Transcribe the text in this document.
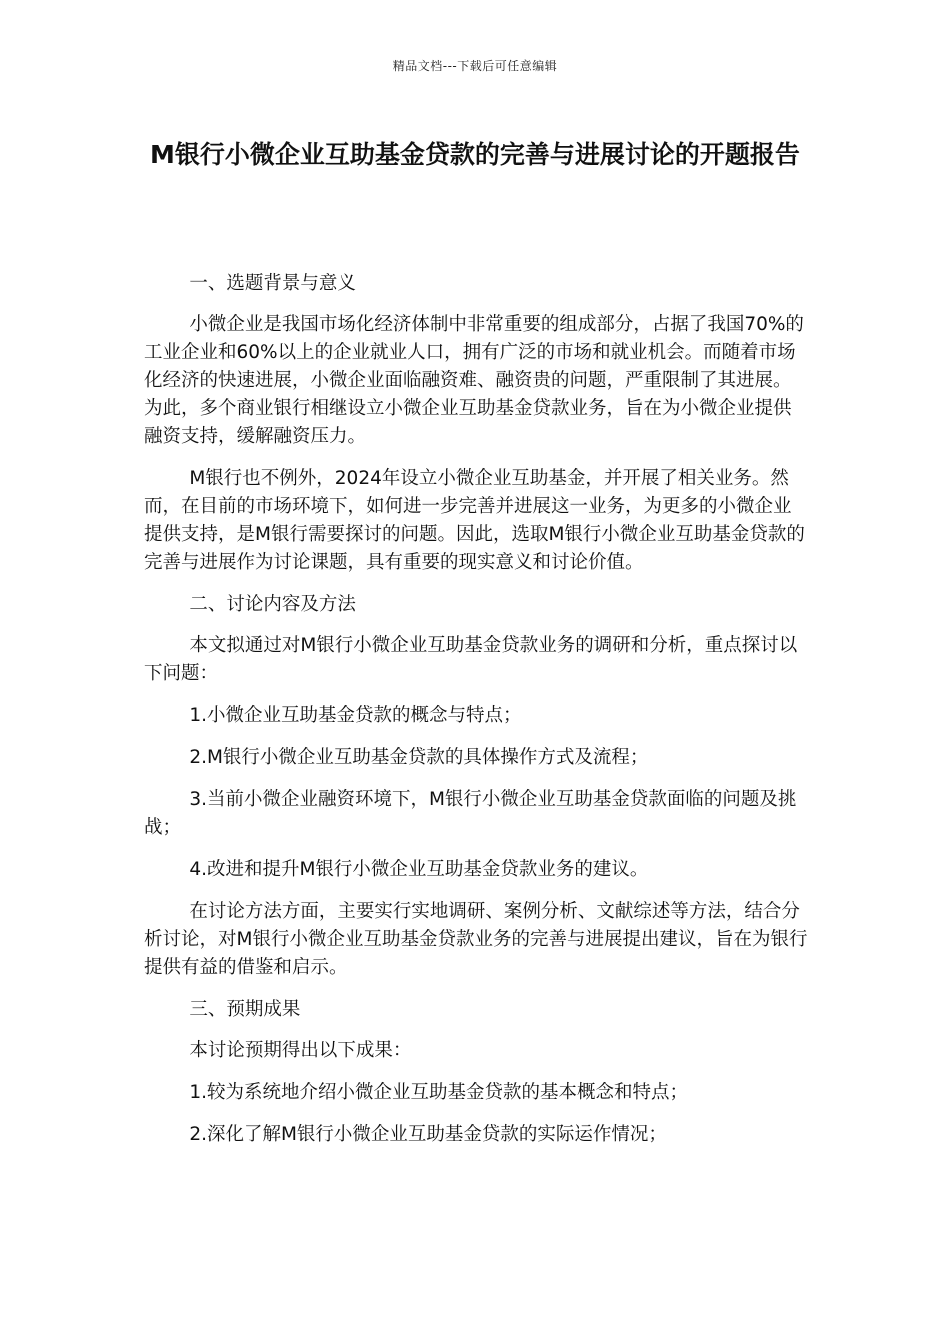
精品文档---下载后可任意编辑
M银行小微企业互助基金贷款的完善与进展讨论的开题报告

一、选题背景与意义

小微企业是我国市场化经济体制中非常重要的组成部分，占据了我国70%的工业企业和60%以上的企业就业人口，拥有广泛的市场和就业机会。而随着市场化经济的快速进展，小微企业面临融资难、融资贵的问题，严重限制了其进展。为此，多个商业银行相继设立小微企业互助基金贷款业务，旨在为小微企业提供融资支持，缓解融资压力。

M银行也不例外，2024年设立小微企业互助基金，并开展了相关业务。然而，在目前的市场环境下，如何进一步完善并进展这一业务，为更多的小微企业提供支持，是M银行需要探讨的问题。因此，选取M银行小微企业互助基金贷款的完善与进展作为讨论课题，具有重要的现实意义和讨论价值。

二、讨论内容及方法

本文拟通过对M银行小微企业互助基金贷款业务的调研和分析，重点探讨以下问题：

1.小微企业互助基金贷款的概念与特点；

2.M银行小微企业互助基金贷款的具体操作方式及流程；

3.当前小微企业融资环境下，M银行小微企业互助基金贷款面临的问题及挑战；

4.改进和提升M银行小微企业互助基金贷款业务的建议。

在讨论方法方面，主要实行实地调研、案例分析、文献综述等方法，结合分析讨论，对M银行小微企业互助基金贷款业务的完善与进展提出建议，旨在为银行提供有益的借鉴和启示。

三、预期成果

本讨论预期得出以下成果：

1.较为系统地介绍小微企业互助基金贷款的基本概念和特点；

2.深化了解M银行小微企业互助基金贷款的实际运作情况；
